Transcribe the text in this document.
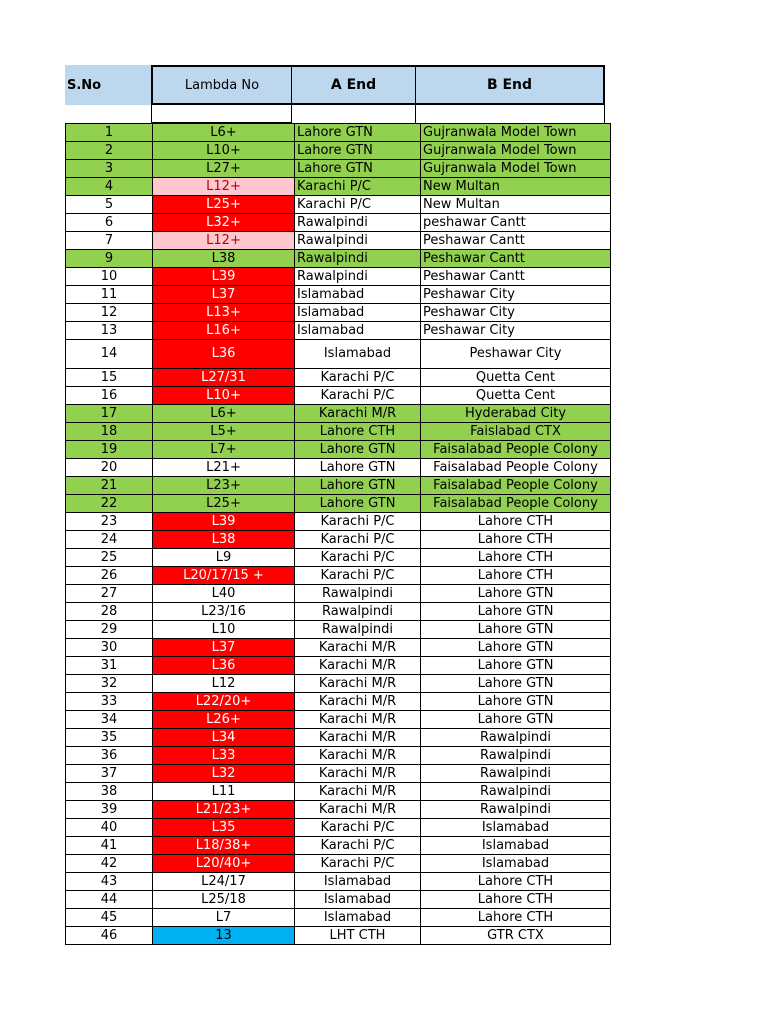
S.No	Lambda No	A End	B End
1	L6+	Lahore GTN	Gujranwala Model Town
2	L10+	Lahore GTN	Gujranwala Model Town
3	L27+	Lahore GTN	Gujranwala Model Town
4	L12+	Karachi P/C	New Multan
5	L25+	Karachi P/C	New Multan
6	L32+	Rawalpindi	peshawar Cantt
7	L12+	Rawalpindi	Peshawar Cantt
9	L38	Rawalpindi	Peshawar Cantt
10	L39	Rawalpindi	Peshawar Cantt
11	L37	Islamabad	Peshawar City
12	L13+	Islamabad	Peshawar City
13	L16+	Islamabad	Peshawar City
14	L36	Islamabad	Peshawar City
15	L27/31	Karachi P/C	Quetta Cent
16	L10+	Karachi P/C	Quetta Cent
17	L6+	Karachi M/R	Hyderabad City
18	L5+	Lahore CTH	Faislabad CTX
19	L7+	Lahore GTN	Faisalabad People Colony
20	L21+	Lahore GTN	Faisalabad People Colony
21	L23+	Lahore GTN	Faisalabad People Colony
22	L25+	Lahore GTN	Faisalabad People Colony
23	L39	Karachi P/C	Lahore CTH
24	L38	Karachi P/C	Lahore CTH
25	L9	Karachi P/C	Lahore CTH
26	L20/17/15 +	Karachi P/C	Lahore CTH
27	L40	Rawalpindi	Lahore GTN
28	L23/16	Rawalpindi	Lahore GTN
29	L10	Rawalpindi	Lahore GTN
30	L37	Karachi M/R	Lahore GTN
31	L36	Karachi M/R	Lahore GTN
32	L12	Karachi M/R	Lahore GTN
33	L22/20+	Karachi M/R	Lahore GTN
34	L26+	Karachi M/R	Lahore GTN
35	L34	Karachi M/R	Rawalpindi
36	L33	Karachi M/R	Rawalpindi
37	L32	Karachi M/R	Rawalpindi
38	L11	Karachi M/R	Rawalpindi
39	L21/23+	Karachi M/R	Rawalpindi
40	L35	Karachi P/C	Islamabad
41	L18/38+	Karachi P/C	Islamabad
42	L20/40+	Karachi P/C	Islamabad
43	L24/17	Islamabad	Lahore CTH
44	L25/18	Islamabad	Lahore CTH
45	L7	Islamabad	Lahore CTH
46	13	LHT CTH	GTR CTX
